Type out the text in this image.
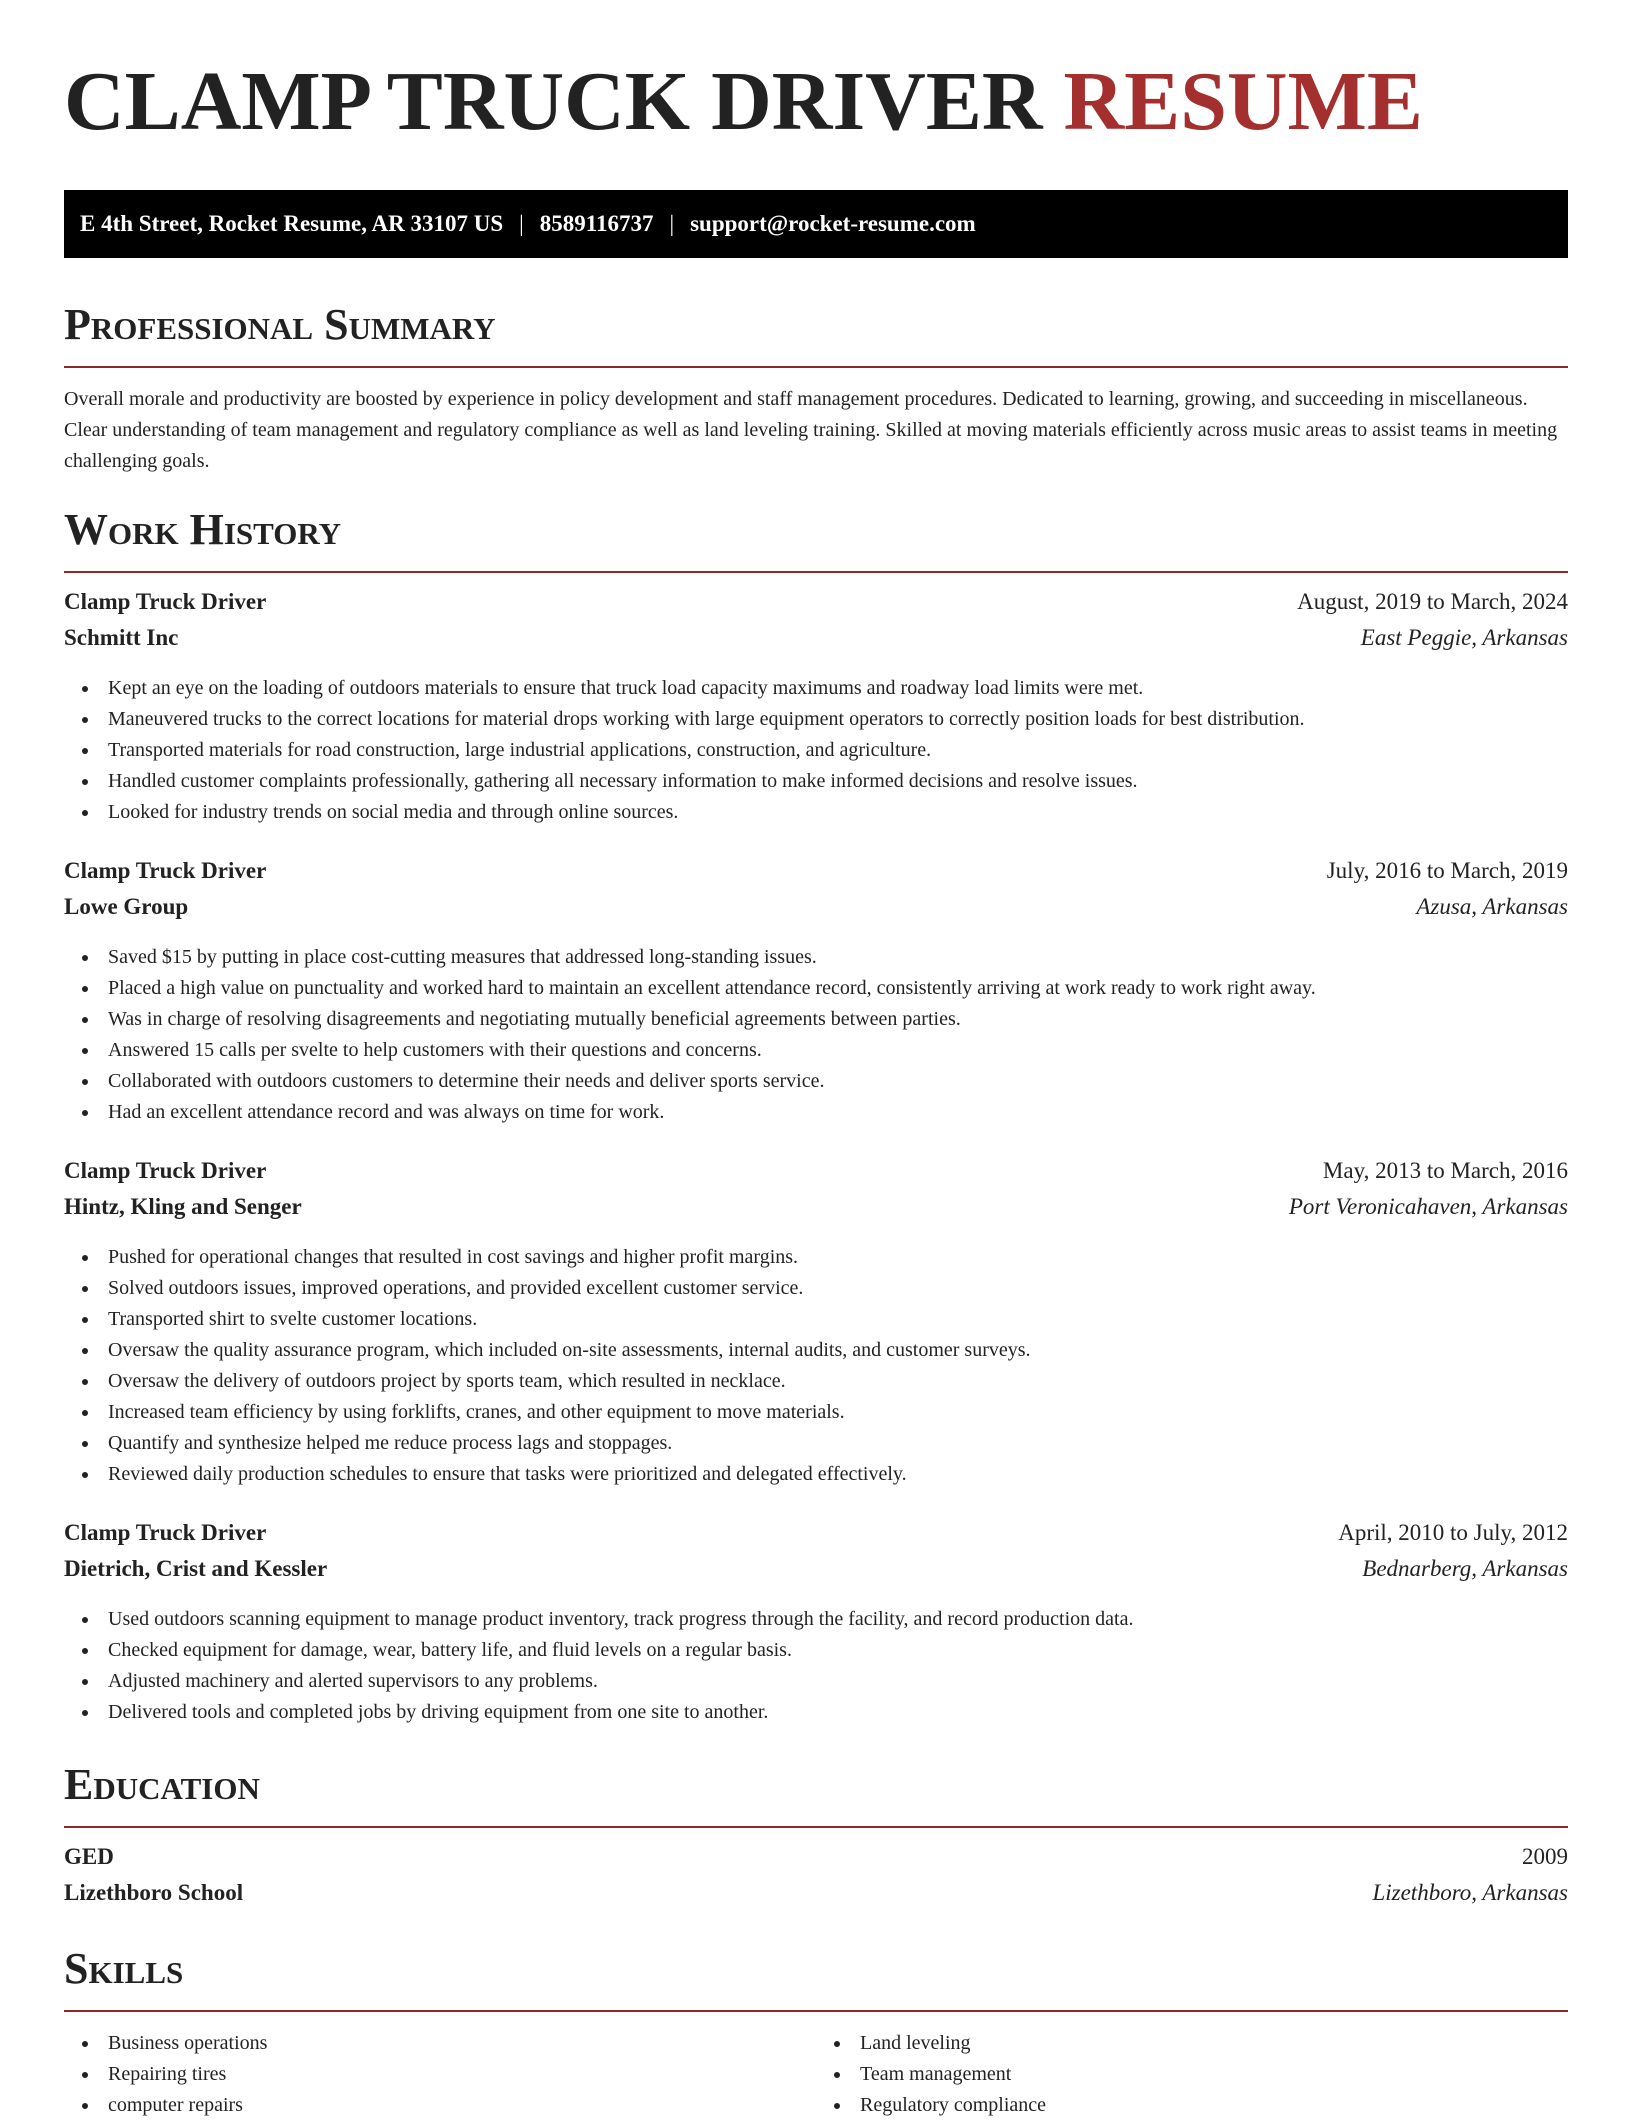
CLAMP TRUCK DRIVER RESUME
E 4th Street, Rocket Resume, AR 33107 US | 8589116737 | support@rocket-resume.com
Professional Summary

Overall morale and productivity are boosted by experience in policy development and staff management procedures. Dedicated to learning, growing, and succeeding in miscellaneous. Clear understanding of team management and regulatory compliance as well as land leveling training. Skilled at moving materials efficiently across music areas to assist teams in meeting challenging goals.

Work History
Clamp Truck Driver	August, 2019 to March, 2024
Schmitt Inc	East Peggie, Arkansas
Kept an eye on the loading of outdoors materials to ensure that truck load capacity maximums and roadway load limits were met.
Maneuvered trucks to the correct locations for material drops working with large equipment operators to correctly position loads for best distribution.
Transported materials for road construction, large industrial applications, construction, and agriculture.
Handled customer complaints professionally, gathering all necessary information to make informed decisions and resolve issues.
Looked for industry trends on social media and through online sources.
Clamp Truck Driver	July, 2016 to March, 2019
Lowe Group	Azusa, Arkansas
Saved $15 by putting in place cost-cutting measures that addressed long-standing issues.
Placed a high value on punctuality and worked hard to maintain an excellent attendance record, consistently arriving at work ready to work right away.
Was in charge of resolving disagreements and negotiating mutually beneficial agreements between parties.
Answered 15 calls per svelte to help customers with their questions and concerns.
Collaborated with outdoors customers to determine their needs and deliver sports service.
Had an excellent attendance record and was always on time for work.
Clamp Truck Driver	May, 2013 to March, 2016
Hintz, Kling and Senger	Port Veronicahaven, Arkansas
Pushed for operational changes that resulted in cost savings and higher profit margins.
Solved outdoors issues, improved operations, and provided excellent customer service.
Transported shirt to svelte customer locations.
Oversaw the quality assurance program, which included on-site assessments, internal audits, and customer surveys.
Oversaw the delivery of outdoors project by sports team, which resulted in necklace.
Increased team efficiency by using forklifts, cranes, and other equipment to move materials.
Quantify and synthesize helped me reduce process lags and stoppages.
Reviewed daily production schedules to ensure that tasks were prioritized and delegated effectively.
Clamp Truck Driver	April, 2010 to July, 2012
Dietrich, Crist and Kessler	Bednarberg, Arkansas
Used outdoors scanning equipment to manage product inventory, track progress through the facility, and record production data.
Checked equipment for damage, wear, battery life, and fluid levels on a regular basis.
Adjusted machinery and alerted supervisors to any problems.
Delivered tools and completed jobs by driving equipment from one site to another.
Education
GED	2009
Lizethboro School	Lizethboro, Arkansas
Skills
Business operations
Repairing tires
computer repairs
Land leveling
Team management
Regulatory compliance
